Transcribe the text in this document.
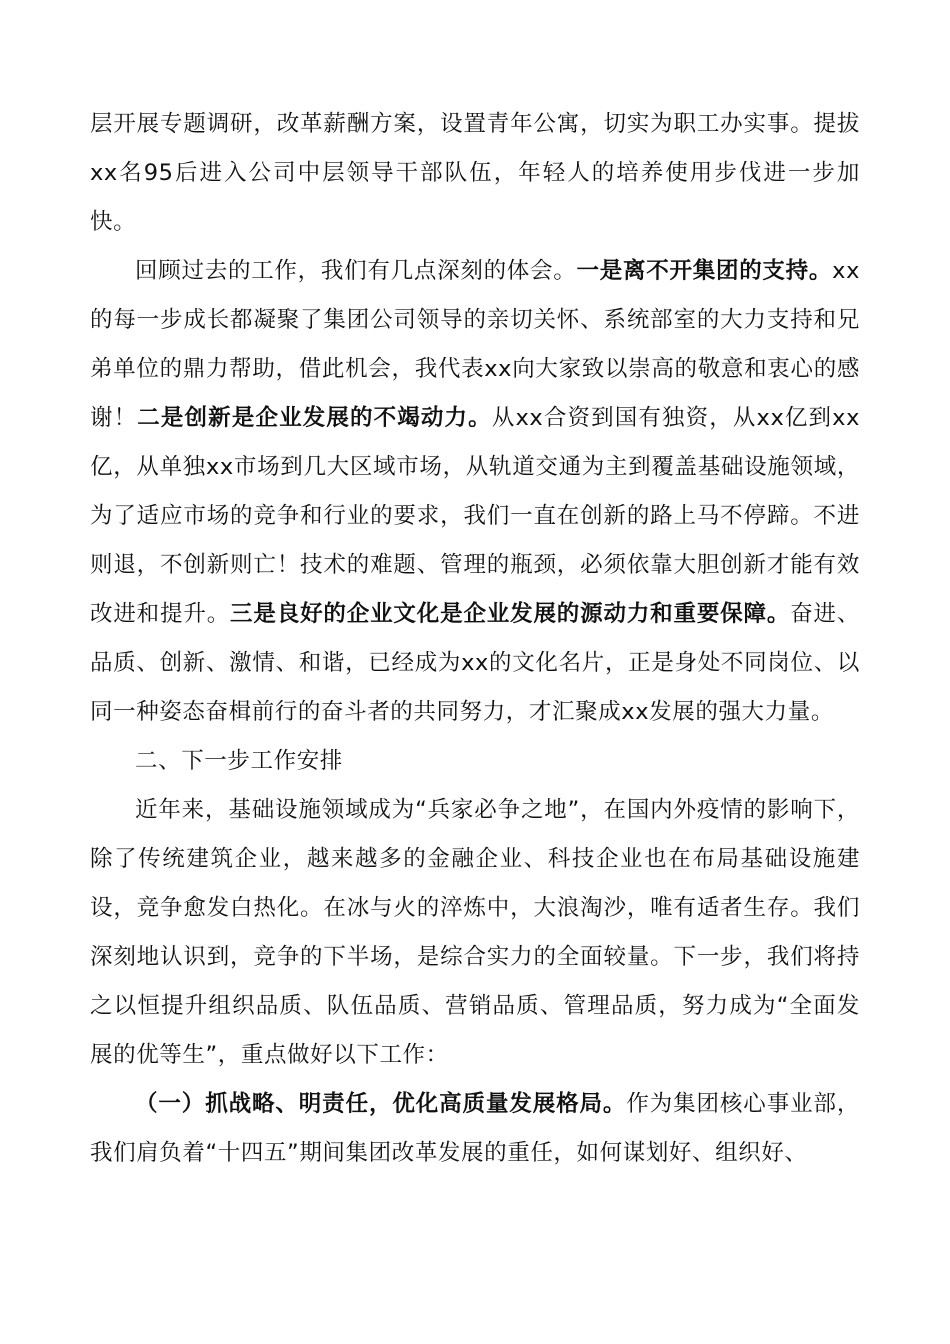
层开展专题调研，改革薪酬方案，设置青年公寓，切实为职工办实事。提拔xx名95后进入公司中层领导干部队伍，年轻人的培养使用步伐进一步加快。

回顾过去的工作，我们有几点深刻的体会。一是离不开集团的支持。xx的每一步成长都凝聚了集团公司领导的亲切关怀、系统部室的大力支持和兄弟单位的鼎力帮助，借此机会，我代表xx向大家致以崇高的敬意和衷心的感谢！二是创新是企业发展的不竭动力。从xx合资到国有独资，从xx亿到xx亿，从单独xx市场到几大区域市场，从轨道交通为主到覆盖基础设施领域，为了适应市场的竞争和行业的要求，我们一直在创新的路上马不停蹄。不进则退，不创新则亡！技术的难题、管理的瓶颈，必须依靠大胆创新才能有效改进和提升。三是良好的企业文化是企业发展的源动力和重要保障。奋进、品质、创新、激情、和谐，已经成为xx的文化名片，正是身处不同岗位、以同一种姿态奋楫前行的奋斗者的共同努力，才汇聚成xx发展的强大力量。

二、下一步工作安排

近年来，基础设施领域成为“兵家必争之地”，在国内外疫情的影响下，除了传统建筑企业，越来越多的金融企业、科技企业也在布局基础设施建设，竞争愈发白热化。在冰与火的淬炼中，大浪淘沙，唯有适者生存。我们深刻地认识到，竞争的下半场，是综合实力的全面较量。下一步，我们将持之以恒提升组织品质、队伍品质、营销品质、管理品质，努力成为“全面发展的优等生”，重点做好以下工作：

（一）抓战略、明责任，优化高质量发展格局。作为集团核心事业部，我们肩负着“十四五”期间集团改革发展的重任，如何谋划好、组织好、
